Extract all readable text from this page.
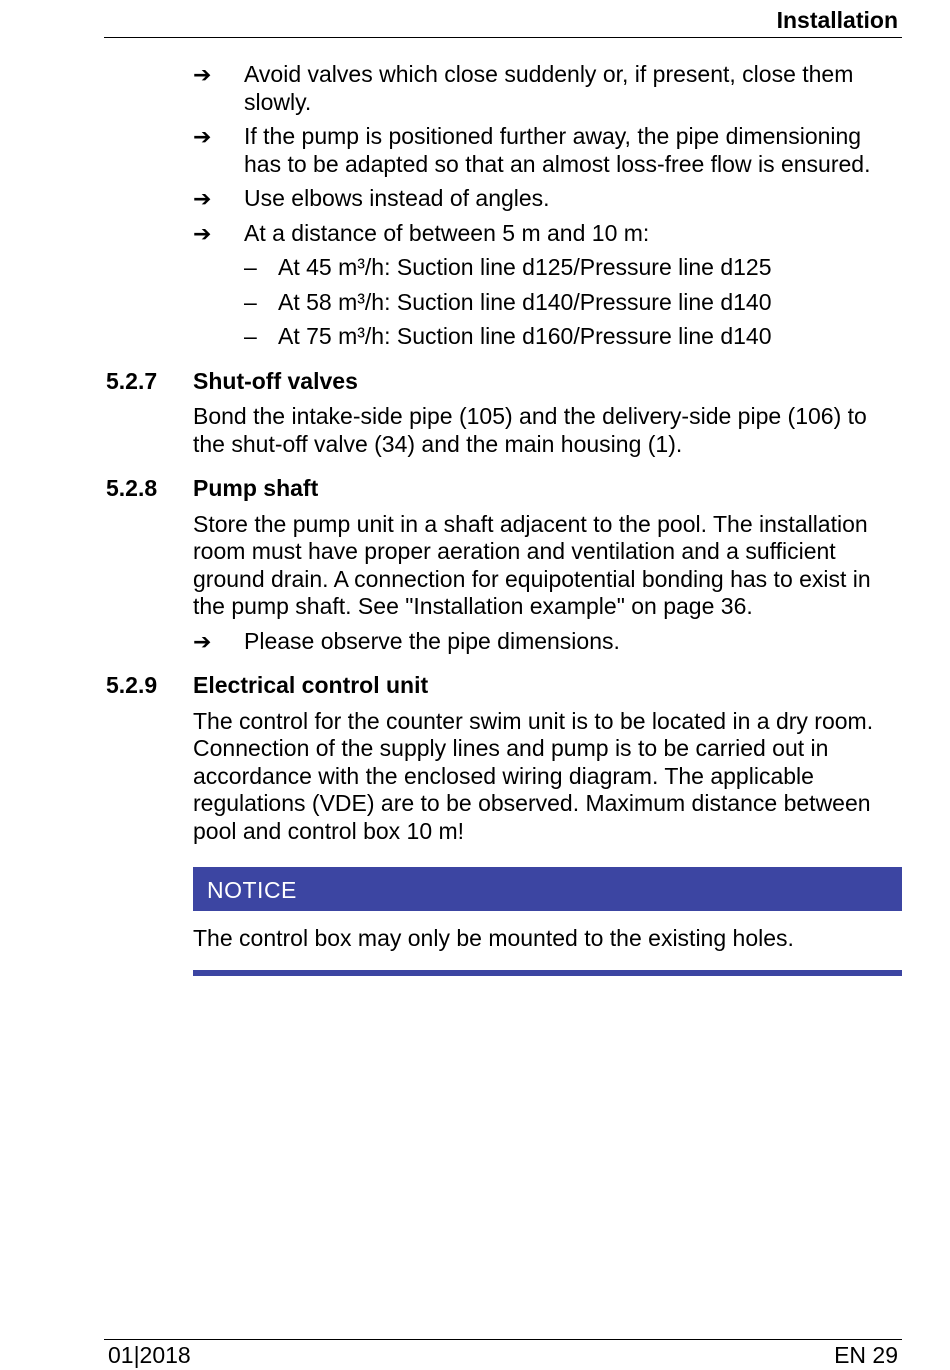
Installation
➔ Avoid valves which close suddenly or, if present, close them slowly.
➔ If the pump is positioned further away, the pipe dimensioning has to be adapted so that an almost loss-free flow is ensured.
➔ Use elbows instead of angles.
➔ At a distance of between 5 m and 10 m:
– At 45 m³/h: Suction line d125/Pressure line d125
– At 58 m³/h: Suction line d140/Pressure line d140
– At 75 m³/h: Suction line d160/Pressure line d140
5.2.7 Shut-off valves
Bond the intake-side pipe (105) and the delivery-side pipe (106) to the shut-off valve (34) and the main housing (1).
5.2.8 Pump shaft
Store the pump unit in a shaft adjacent to the pool. The installation room must have proper aeration and ventilation and a sufficient ground drain. A connection for equipotential bonding has to exist in the pump shaft. See "Installation example" on page 36.
➔ Please observe the pipe dimensions.
5.2.9 Electrical control unit
The control for the counter swim unit is to be located in a dry room. Connection of the supply lines and pump is to be carried out in accordance with the enclosed wiring diagram. The applicable regulations (VDE) are to be observed. Maximum distance between pool and control box 10 m!
NOTICE
The control box may only be mounted to the existing holes.
01|2018	EN 29
